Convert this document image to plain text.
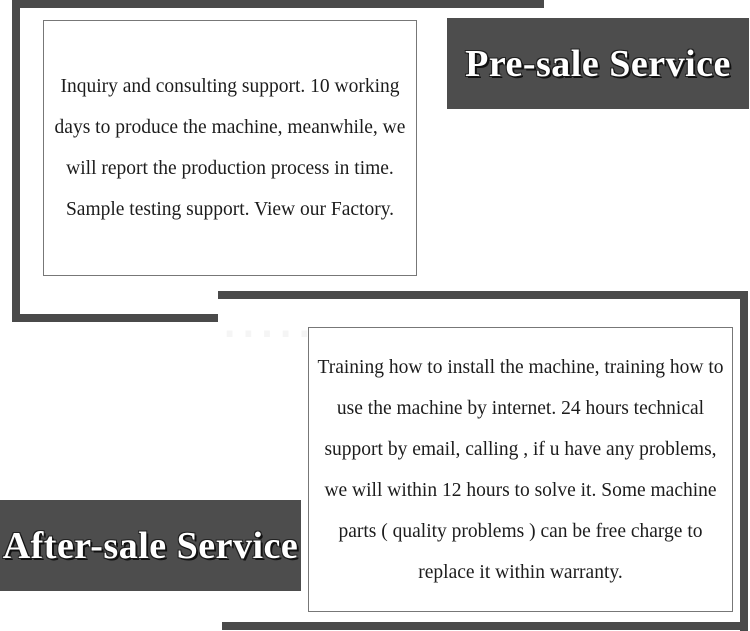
.................
Inquiry and consulting support. 10 working days to produce the machine, meanwhile, we will report the production process in time. Sample testing support. View our Factory.
Pre-sale Service
Training how to install the machine, training how to use the machine by internet. 24 hours technical support by email, calling , if u have any problems, we will within 12 hours to solve it. Some machine parts ( quality problems ) can be free charge to replace it within warranty.
After-sale Service
